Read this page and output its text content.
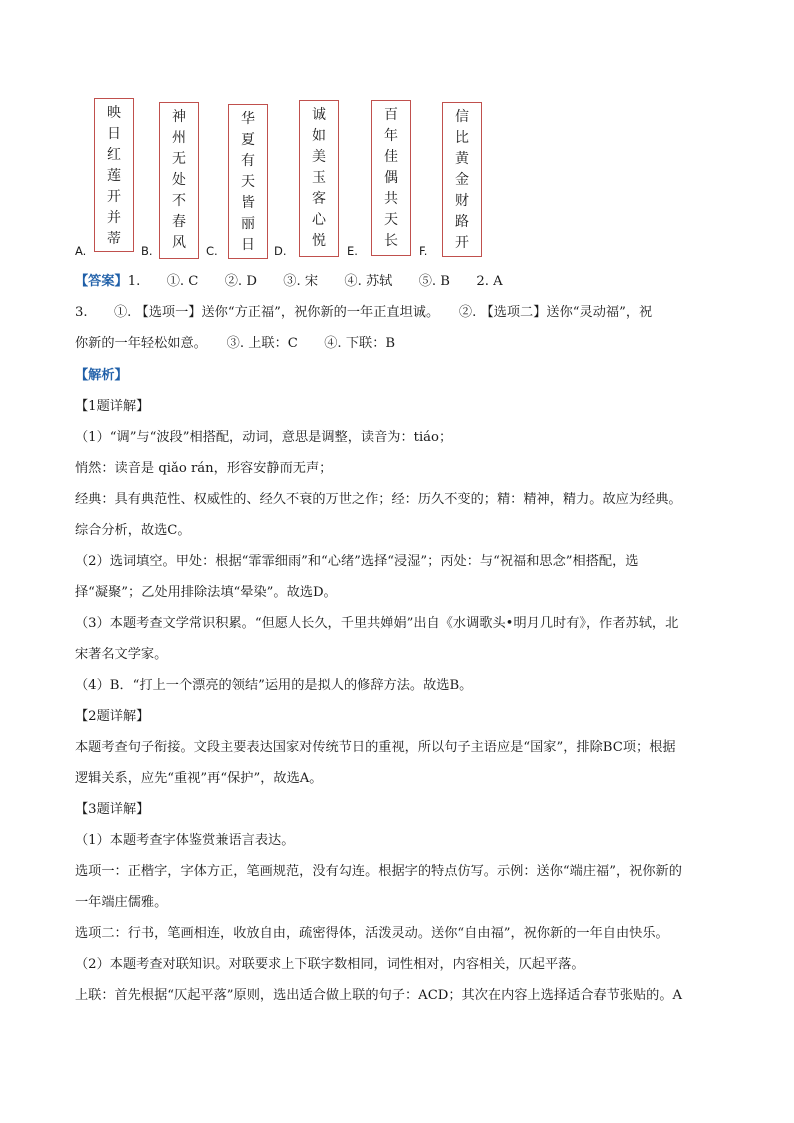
映
日
红
莲
开
并
蒂
神
州
无
处
不
春
风
华
夏
有
天
皆
丽
日
诚
如
美
玉
客
心
悦
百
年
佳
偶
共
天
长
信
比
黄
金
财
路
开
A.	B.	C.	D.	E.	F.
【答案】1.　　①. C　　②. D　　③. 宋　　④. 苏轼　　⑤. B　　2. A
3.　　①. 【选项一】送你“方正福”，祝你新的一年正直坦诚。　　②. 【选项二】送你“灵动福”，祝
你新的一年轻松如意。　　③. 上联：C　　④. 下联：B
【解析】
【1题详解】
（1）“调”与“波段”相搭配，动词，意思是调整，读音为：tiáo；
悄然：读音是 qiǎo rán，形容安静而无声；
经典：具有典范性、权威性的、经久不衰的万世之作；经：历久不变的；精：精神，精力。故应为经典。
综合分析，故选C。
（2）选词填空。甲处：根据“霏霏细雨”和“心绪”选择“浸湿”；丙处：与“祝福和思念”相搭配，选
择“凝聚”；乙处用排除法填“晕染”。故选D。
（3）本题考查文学常识积累。“但愿人长久，千里共婵娟”出自《水调歌头•明月几时有》，作者苏轼，北
宋著名文学家。
（4）B．“打上一个漂亮的领结”运用的是拟人的修辞方法。故选B。
【2题详解】
本题考查句子衔接。文段主要表达国家对传统节日的重视，所以句子主语应是“国家”，排除BC项；根据
逻辑关系，应先“重视”再“保护”，故选A。
【3题详解】
（1）本题考查字体鉴赏兼语言表达。
选项一：正楷字，字体方正，笔画规范，没有勾连。根据字的特点仿写。示例：送你“端庄福”，祝你新的
一年端庄儒雅。
选项二：行书，笔画相连，收放自由，疏密得体，活泼灵动。送你“自由福”，祝你新的一年自由快乐。
（2）本题考查对联知识。对联要求上下联字数相同，词性相对，内容相关，仄起平落。
上联：首先根据“仄起平落”原则，选出适合做上联的句子：ACD；其次在内容上选择适合春节张贴的。A
